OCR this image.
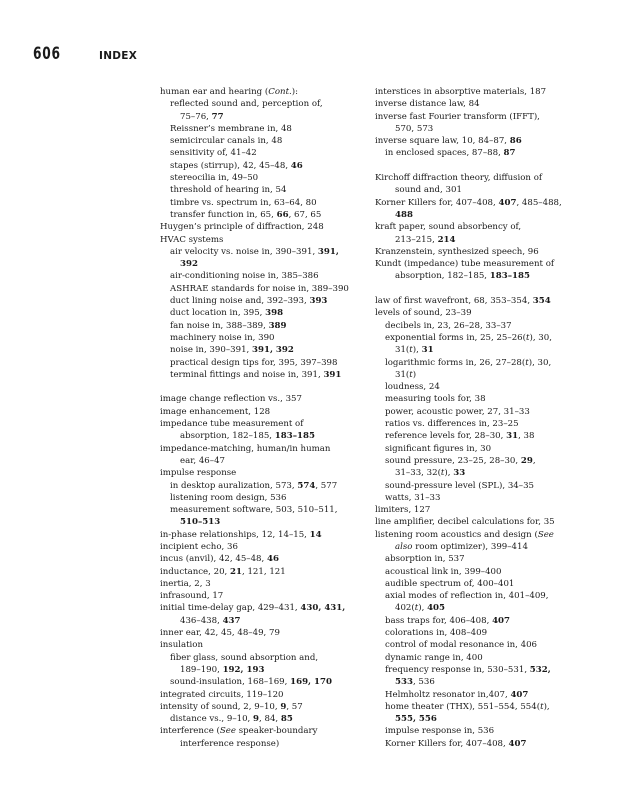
606	INDEX
human ear and hearing (Cont.):
reflected sound and, perception of,
75–76, 77
Reissner’s membrane in, 48
semicircular canals in, 48
sensitivity of, 41–42
stapes (stirrup), 42, 45–48, 46
stereocilia in, 49–50
threshold of hearing in, 54
timbre vs. spectrum in, 63–64, 80
transfer function in, 65, 66, 67, 65
Huygen’s principle of diffraction, 248
HVAC systems
air velocity vs. noise in, 390–391, 391,
392
air-conditioning noise in, 385–386
ASHRAE standards for noise in, 389–390
duct lining noise and, 392–393, 393
duct location in, 395, 398
fan noise in, 388–389, 389
machinery noise in, 390
noise in, 390–391, 391, 392
practical design tips for, 395, 397–398
terminal fittings and noise in, 391, 391
image change reflection vs., 357
image enhancement, 128
impedance tube measurement of
absorption, 182–185, 183–185
impedance-matching, human/in human
ear, 46–47
impulse response
in desktop auralization, 573, 574, 577
listening room design, 536
measurement software, 503, 510–511,
510–513
in-phase relationships, 12, 14–15, 14
incipient echo, 36
incus (anvil), 42, 45–48, 46
inductance, 20, 21, 121, 121
inertia, 2, 3
infrasound, 17
initial time-delay gap, 429–431, 430, 431,
436–438, 437
inner ear, 42, 45, 48–49, 79
insulation
fiber glass, sound absorption and,
189–190, 192, 193
sound-insulation, 168–169, 169, 170
integrated circuits, 119–120
intensity of sound, 2, 9–10, 9, 57
distance vs., 9–10, 9, 84, 85
interference (See speaker-boundary
interference response)
interstices in absorptive materials, 187
inverse distance law, 84
inverse fast Fourier transform (IFFT),
570, 573
inverse square law, 10, 84–87, 86
in enclosed spaces, 87–88, 87
Kirchoff diffraction theory, diffusion of
sound and, 301
Korner Killers for, 407–408, 407, 485–488,
488
kraft paper, sound absorbency of,
213–215, 214
Kranzenstein, synthesized speech, 96
Kundt (impedance) tube measurement of
absorption, 182–185, 183–185
law of first wavefront, 68, 353–354, 354
levels of sound, 23–39
decibels in, 23, 26–28, 33–37
exponential forms in, 25, 25–26(t), 30,
31(t), 31
logarithmic forms in, 26, 27–28(t), 30,
31(t)
loudness, 24
measuring tools for, 38
power, acoustic power, 27, 31–33
ratios vs. differences in, 23–25
reference levels for, 28–30, 31, 38
significant figures in, 30
sound pressure, 23–25, 28–30, 29,
31–33, 32(t), 33
sound-pressure level (SPL), 34–35
watts, 31–33
limiters, 127
line amplifier, decibel calculations for, 35
listening room acoustics and design (See
also room optimizer), 399–414
absorption in, 537
acoustical link in, 399–400
audible spectrum of, 400–401
axial modes of reflection in, 401–409,
402(t), 405
bass traps for, 406–408, 407
colorations in, 408–409
control of modal resonance in, 406
dynamic range in, 400
frequency response in, 530–531, 532,
533, 536
Helmholtz resonator in,407, 407
home theater (THX), 551–554, 554(t),
555, 556
impulse response in, 536
Korner Killers for, 407–408, 407
